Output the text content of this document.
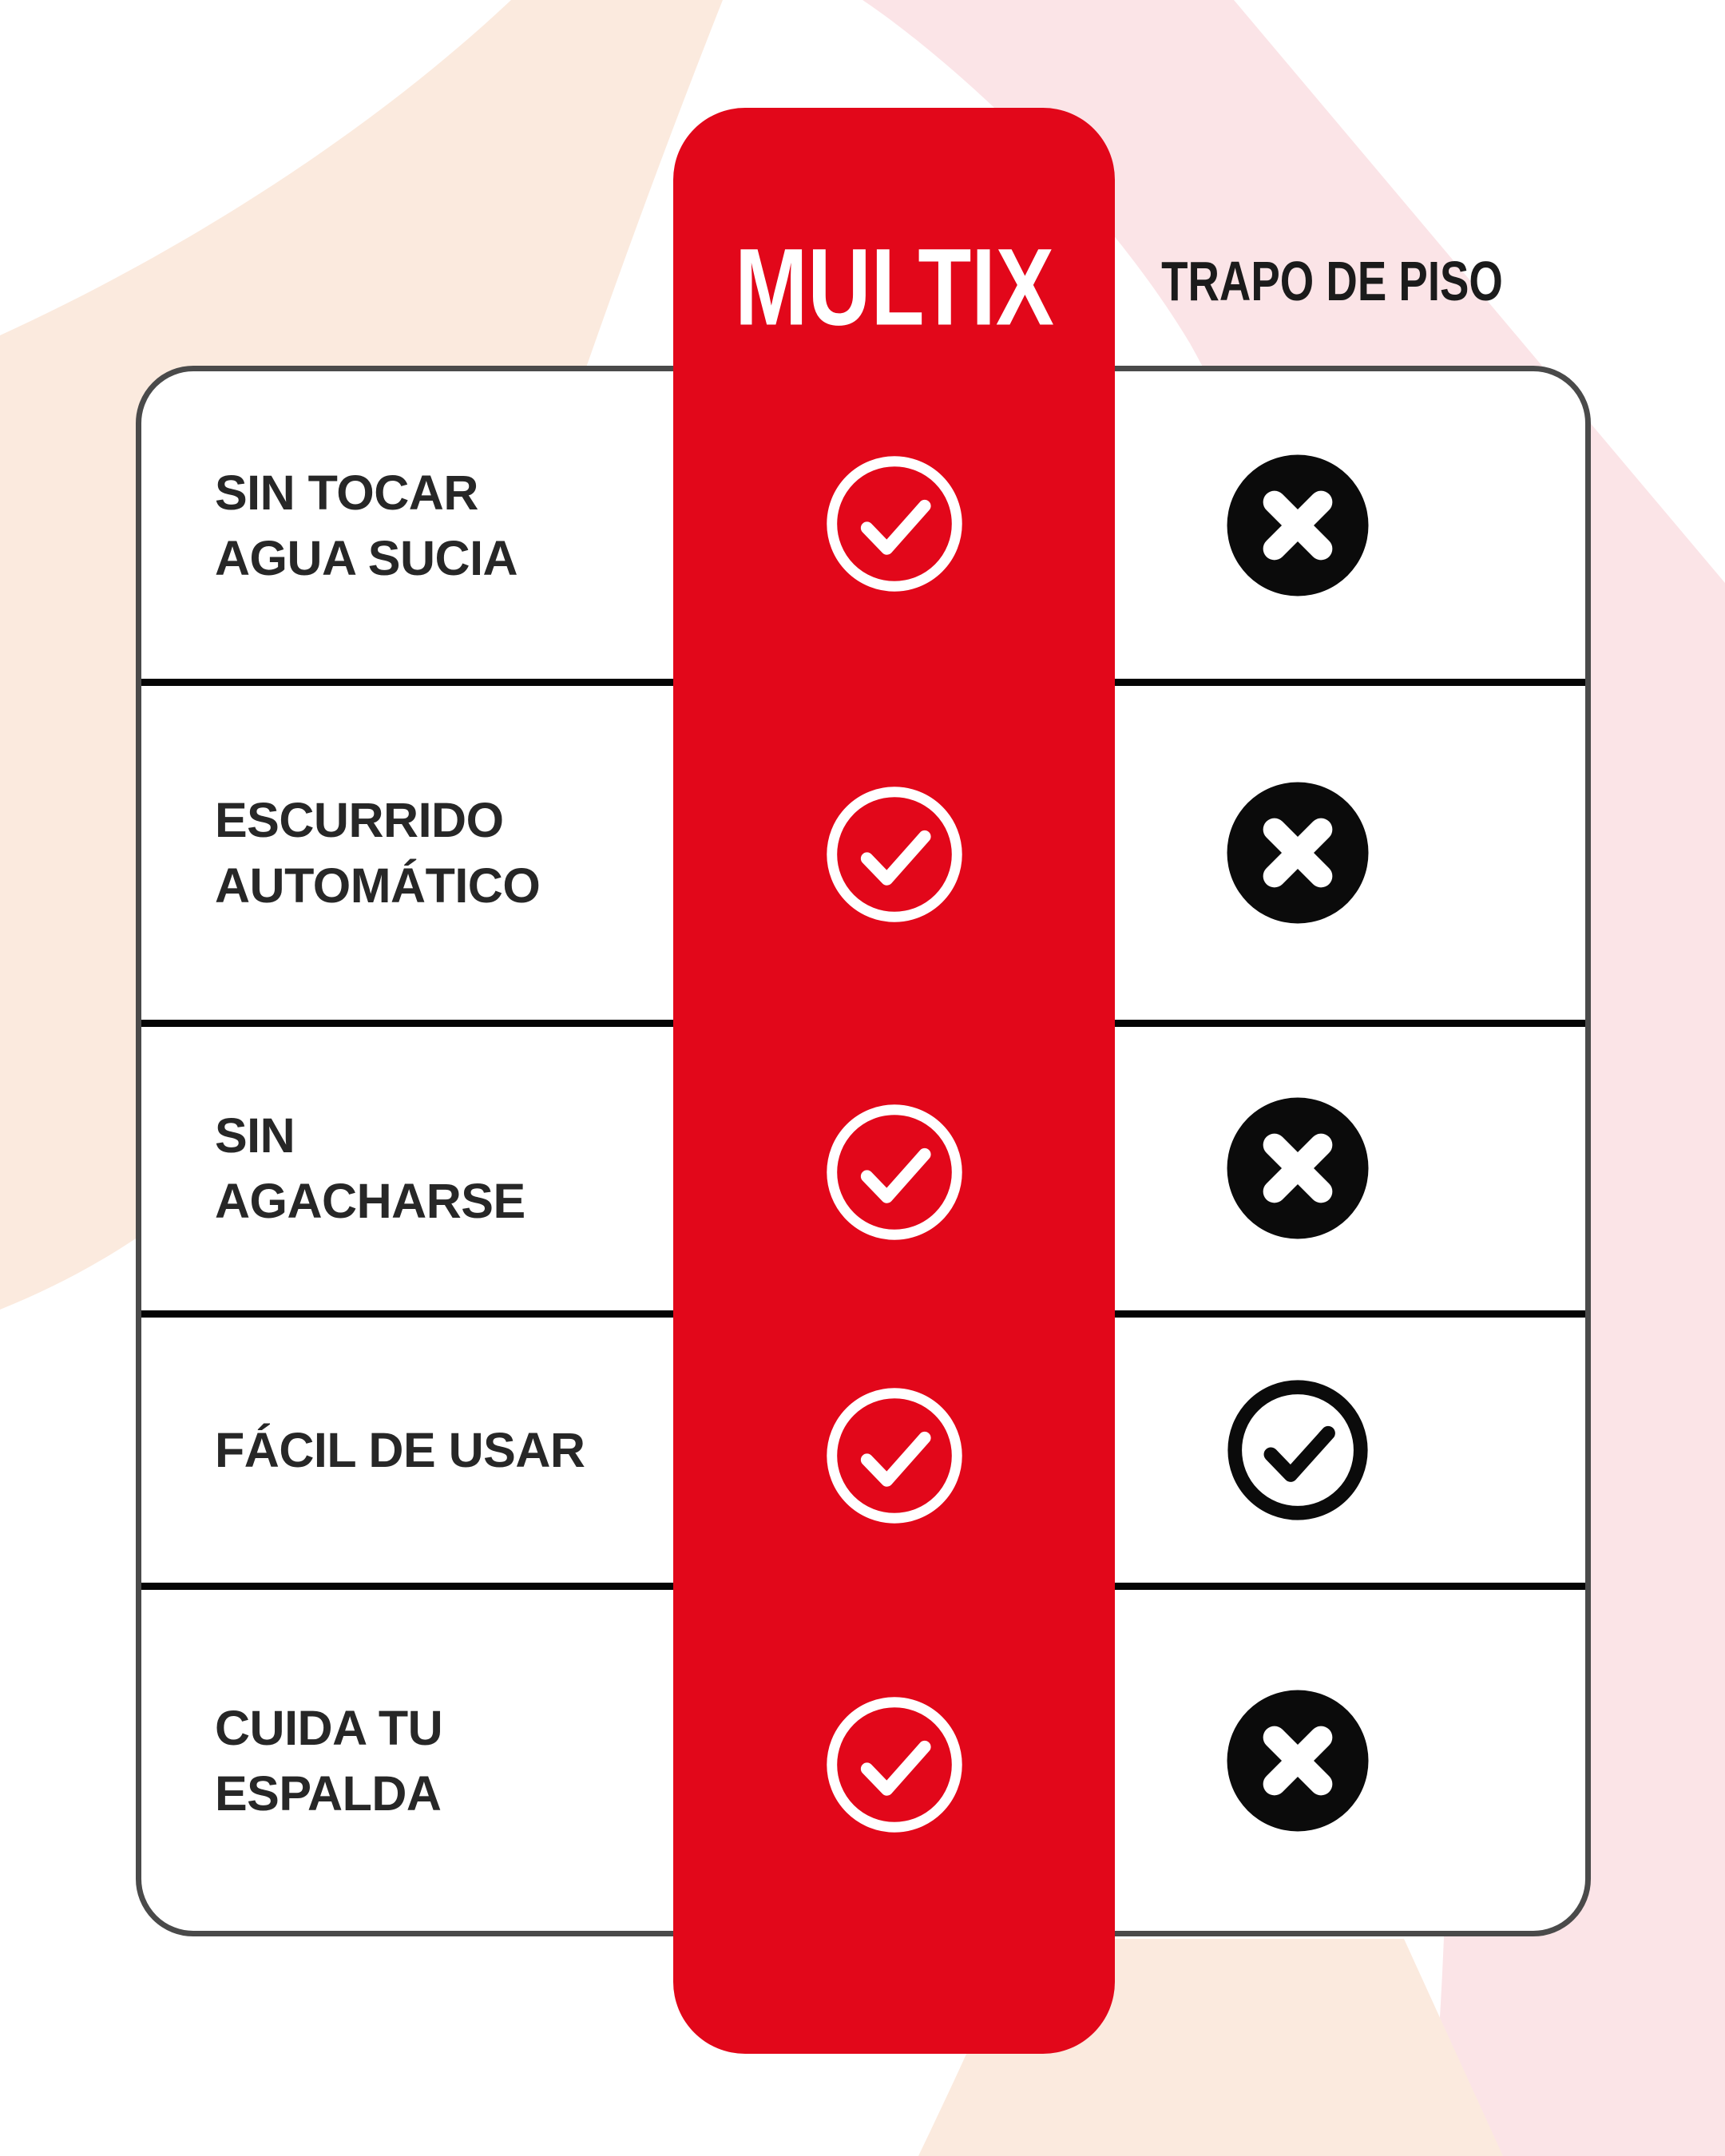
SIN TOCAR
AGUA SUCIA
ESCURRIDO
AUTOMÁTICO
SIN
AGACHARSE
FÁCIL DE USAR
CUIDA TU
ESPALDA
TRAPO DE PISO
MULTIX
